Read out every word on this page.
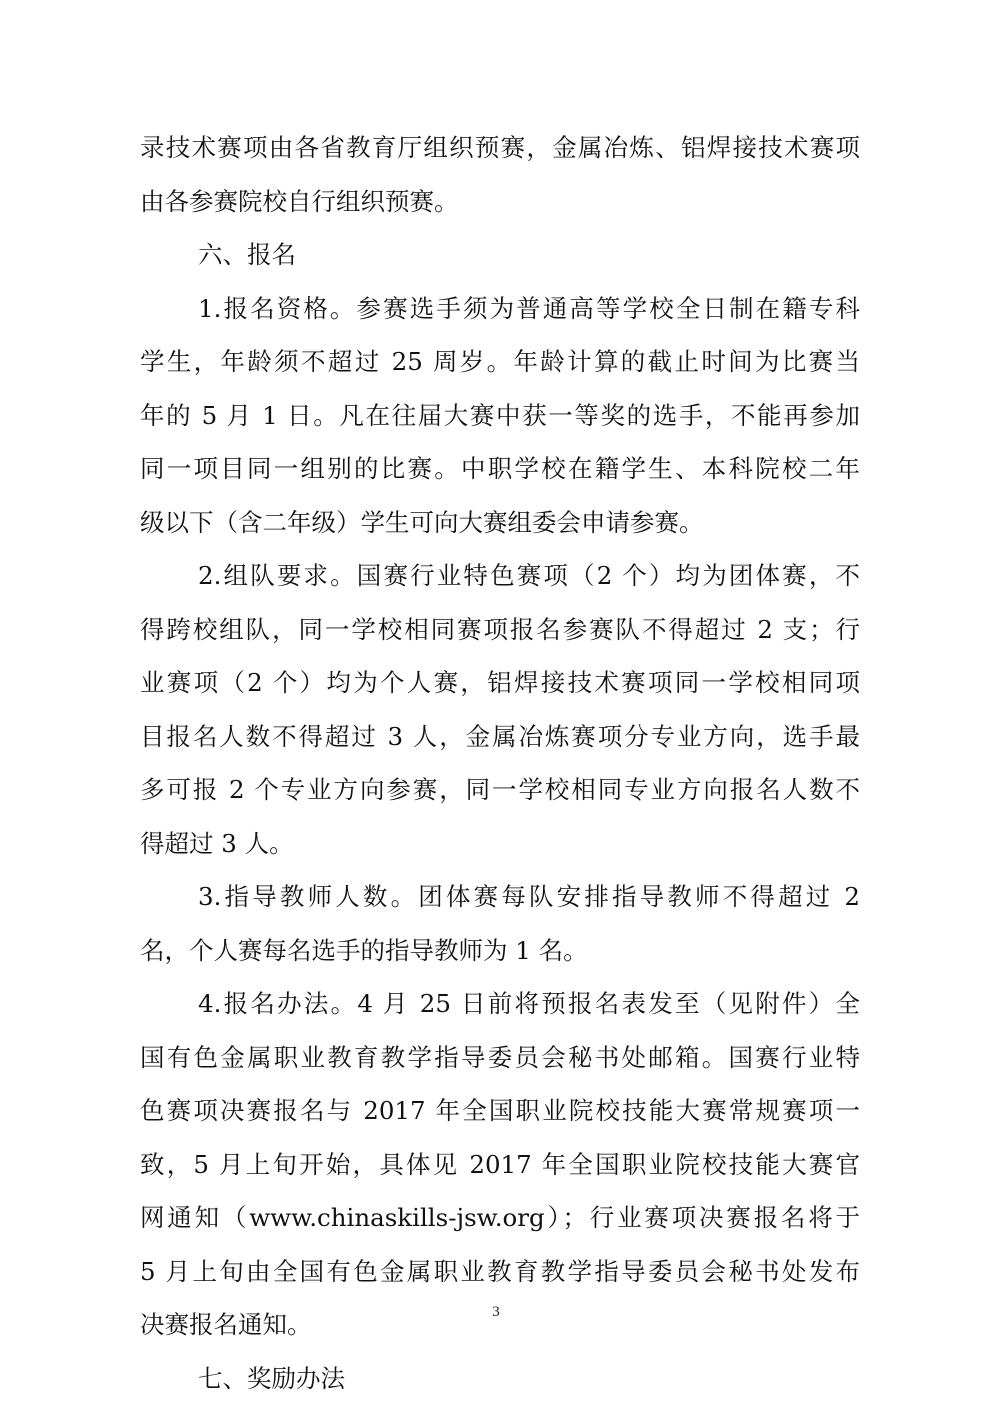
录技术赛项由各省教育厅组织预赛，金属冶炼、铝焊接技术赛项
由各参赛院校自行组织预赛。
六、报名
1.报名资格。参赛选手须为普通高等学校全日制在籍专科
学生，年龄须不超过 25 周岁。年龄计算的截止时间为比赛当
年的 5 月 1 日。凡在往届大赛中获一等奖的选手，不能再参加
同一项目同一组别的比赛。中职学校在籍学生、本科院校二年
级以下（含二年级）学生可向大赛组委会申请参赛。
2.组队要求。国赛行业特色赛项（2 个）均为团体赛，不
得跨校组队，同一学校相同赛项报名参赛队不得超过 2 支；行
业赛项（2 个）均为个人赛，铝焊接技术赛项同一学校相同项
目报名人数不得超过 3 人，金属冶炼赛项分专业方向，选手最
多可报 2 个专业方向参赛，同一学校相同专业方向报名人数不
得超过 3 人。
3.指导教师人数。团体赛每队安排指导教师不得超过 2
名，个人赛每名选手的指导教师为 1 名。
4.报名办法。4 月 25 日前将预报名表发至（见附件）全
国有色金属职业教育教学指导委员会秘书处邮箱。国赛行业特
色赛项决赛报名与 2017 年全国职业院校技能大赛常规赛项一
致，5 月上旬开始，具体见 2017 年全国职业院校技能大赛官
网通知（www.chinaskills-jsw.org）；行业赛项决赛报名将于
5 月上旬由全国有色金属职业教育教学指导委员会秘书处发布
决赛报名通知。
七、奖励办法
3
